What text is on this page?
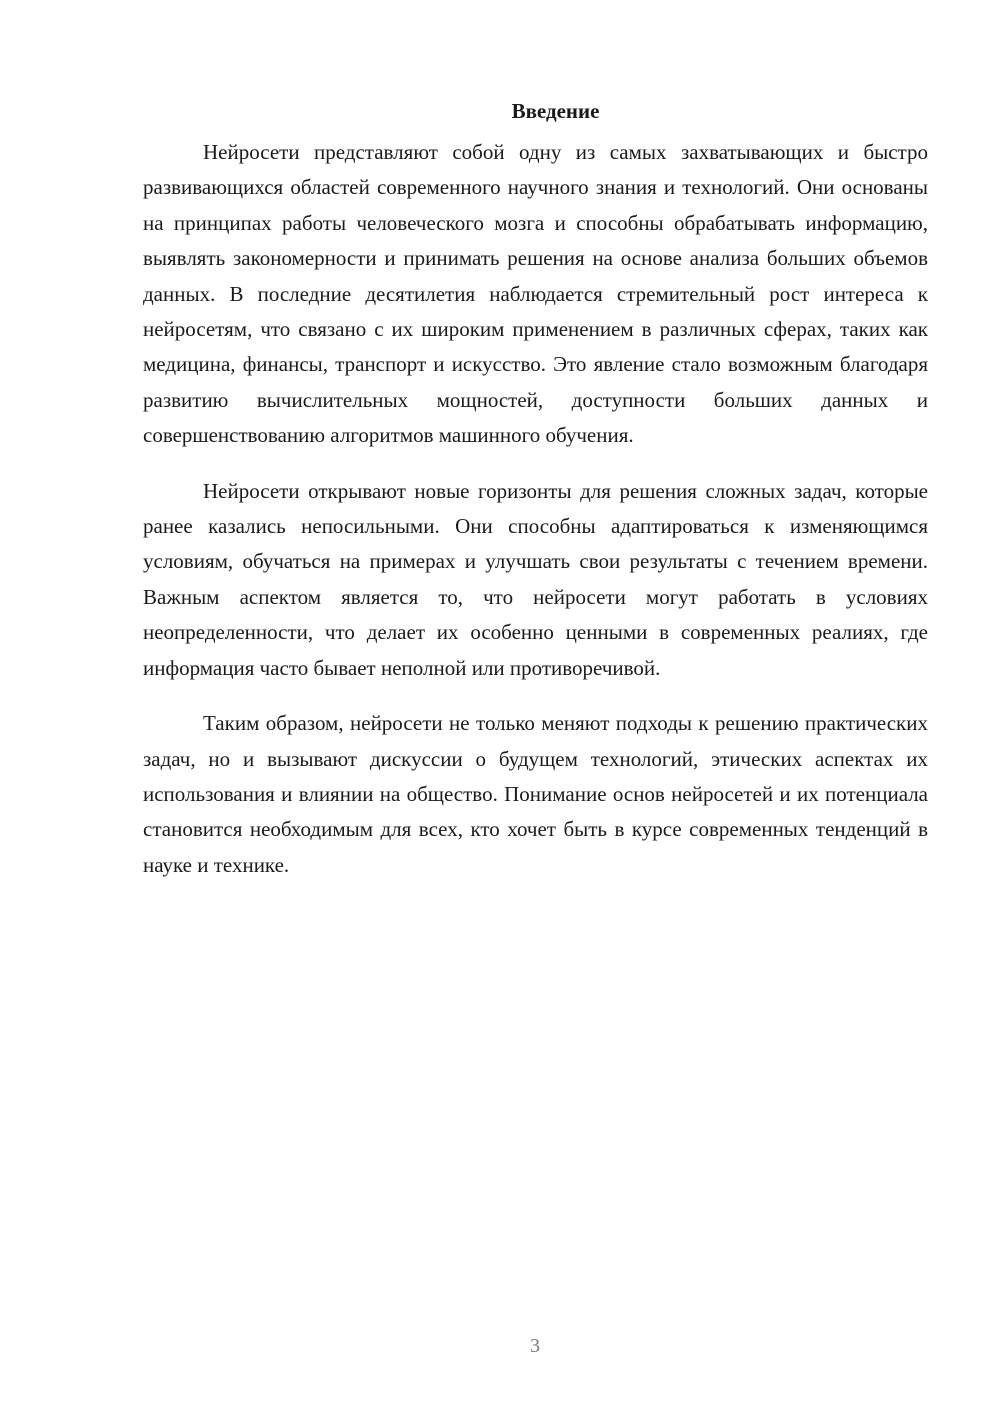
Введение

Нейросети представляют собой одну из самых захватывающих и быстро развивающихся областей современного научного знания и технологий. Они основаны на принципах работы человеческого мозга и способны обрабатывать информацию, выявлять закономерности и принимать решения на основе анализа больших объемов данных. В последние десятилетия наблюдается стремительный рост интереса к нейросетям, что связано с их широким применением в различных сферах, таких как медицина, финансы, транспорт и искусство. Это явление стало возможным благодаря развитию вычислительных мощностей, доступности больших данных и совершенствованию алгоритмов машинного обучения.

Нейросети открывают новые горизонты для решения сложных задач, которые ранее казались непосильными. Они способны адаптироваться к изменяющимся условиям, обучаться на примерах и улучшать свои результаты с течением времени. Важным аспектом является то, что нейросети могут работать в условиях неопределенности, что делает их особенно ценными в современных реалиях, где информация часто бывает неполной или противоречивой.

Таким образом, нейросети не только меняют подходы к решению практических задач, но и вызывают дискуссии о будущем технологий, этических аспектах их использования и влиянии на общество. Понимание основ нейросетей и их потенциала становится необходимым для всех, кто хочет быть в курсе современных тенденций в науке и технике.

3
